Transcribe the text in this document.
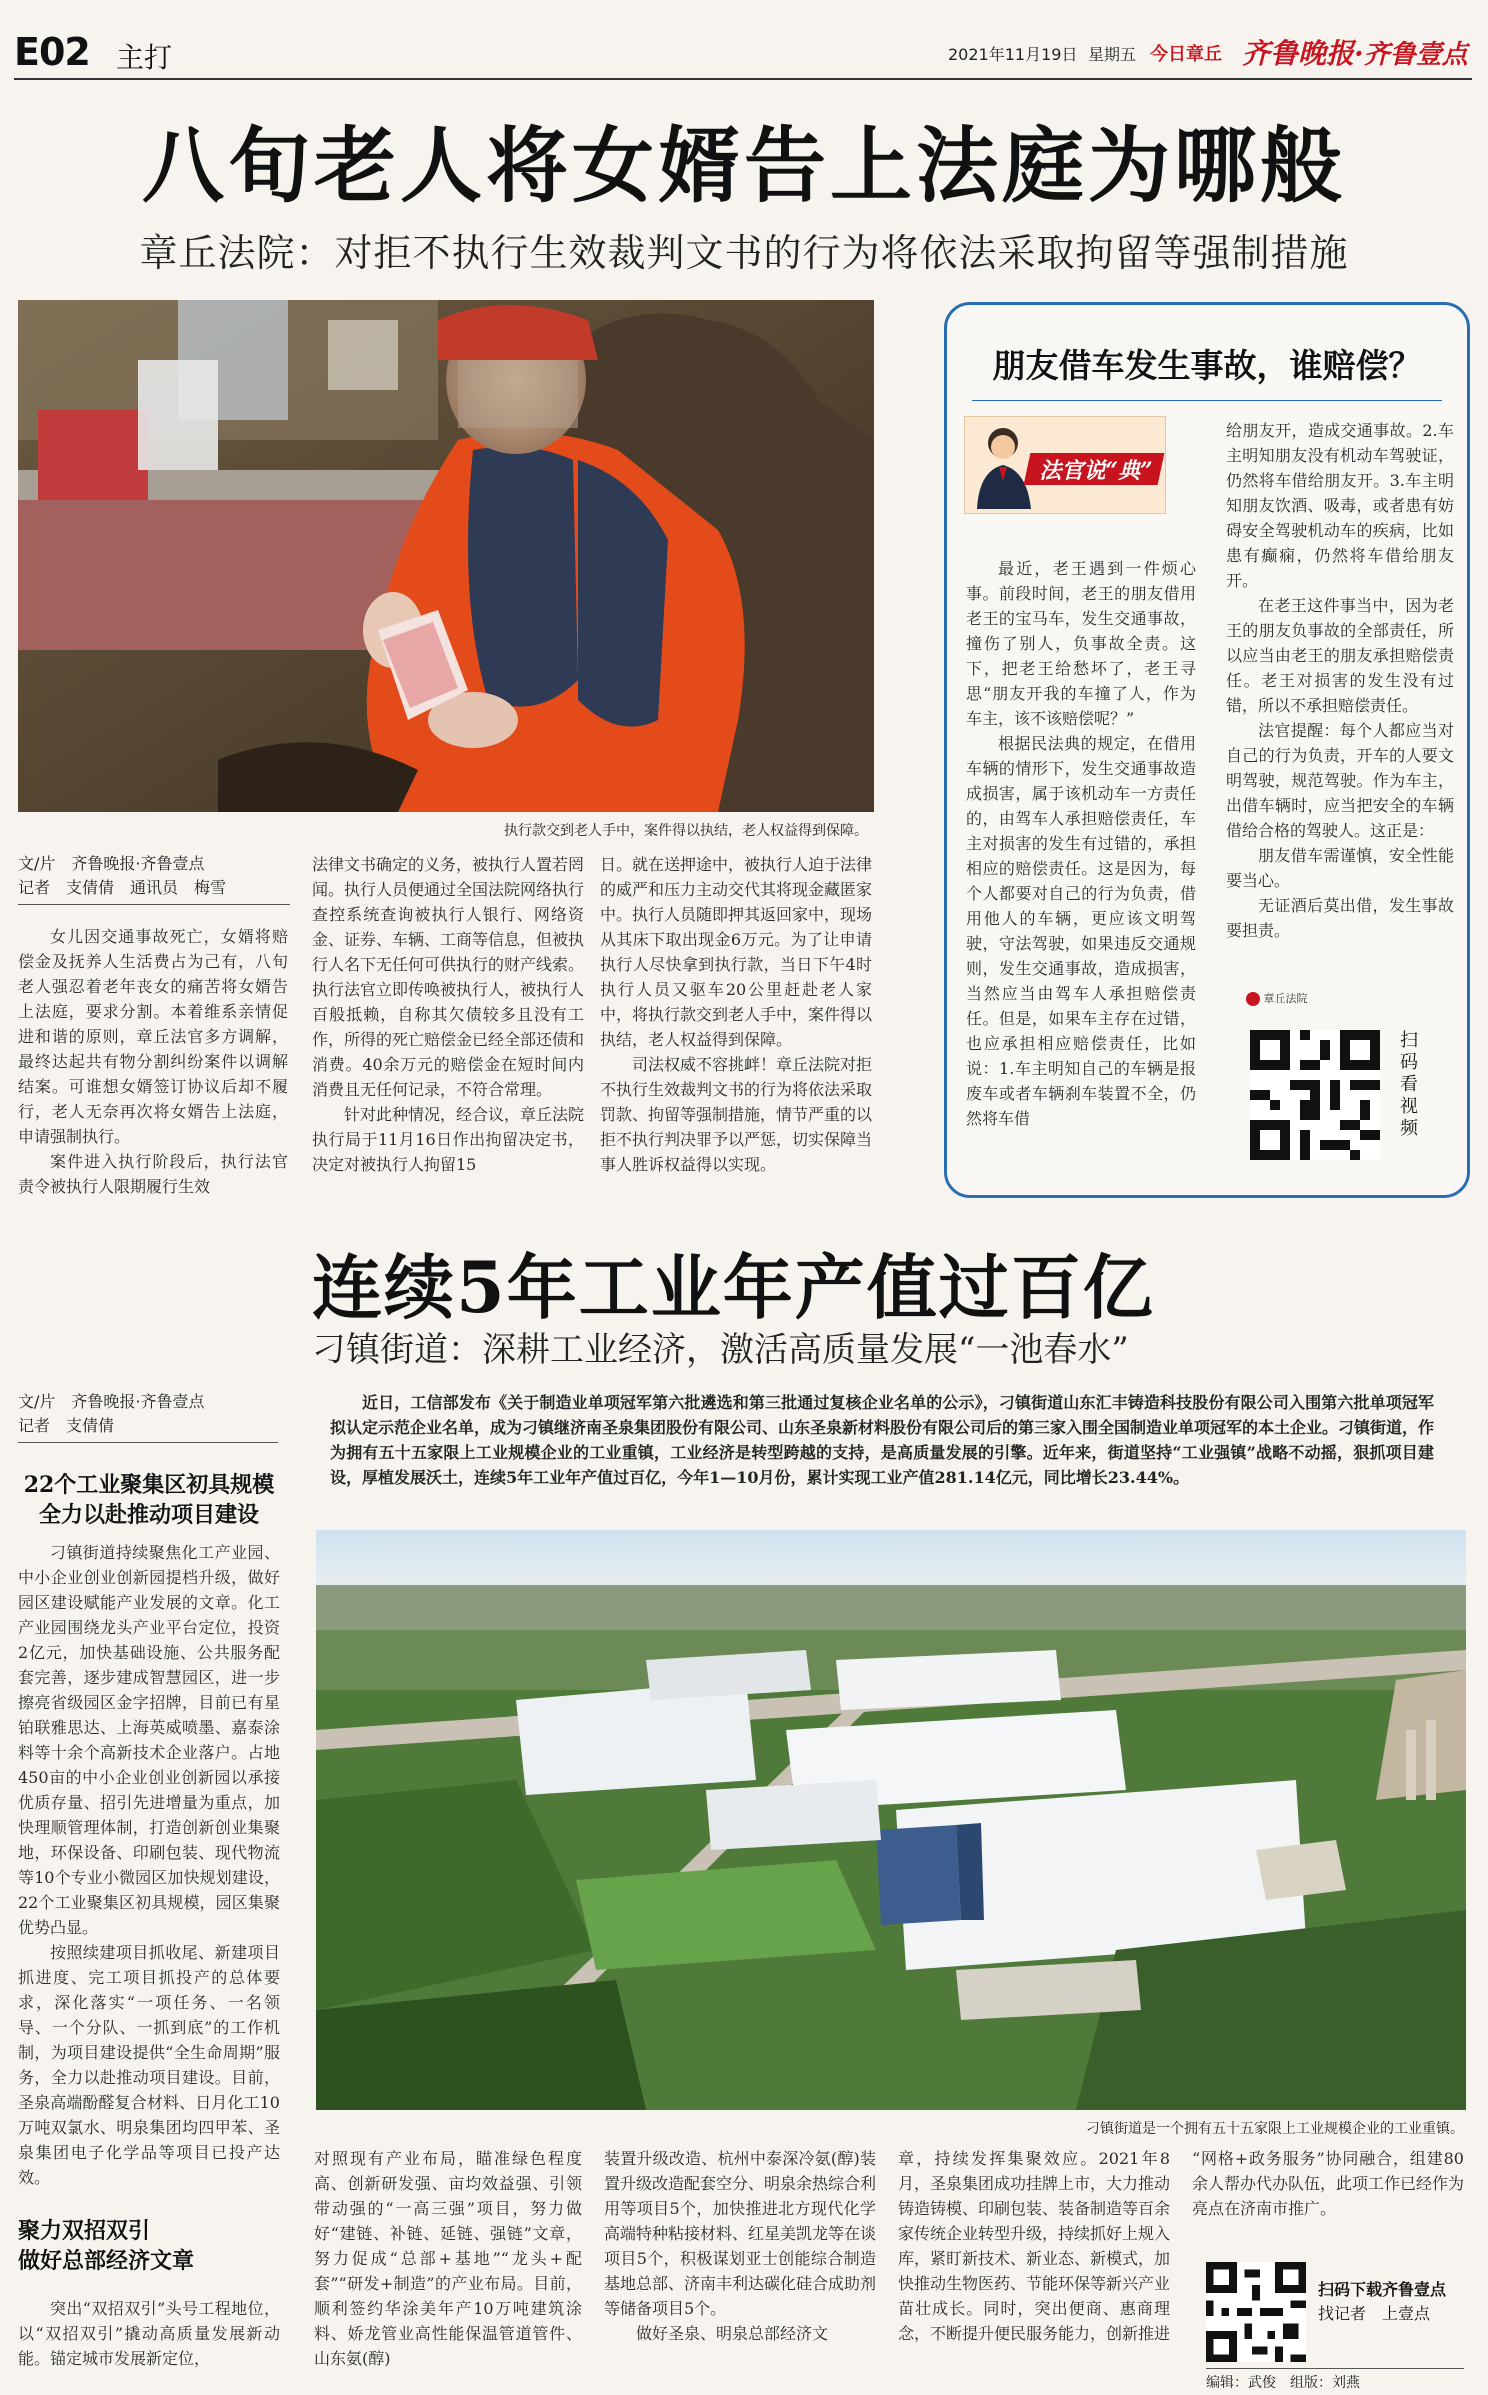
E02 主打	2021年11月19日 星期五 今日章丘 齐鲁晚报·齐鲁壹点
八旬老人将女婿告上法庭为哪般
章丘法院：对拒不执行生效裁判文书的行为将依法采取拘留等强制措施
执行款交到老人手中，案件得以执结，老人权益得到保障。
文/片　齐鲁晚报·齐鲁壹点
记者　支倩倩　通讯员　梅雪

女儿因交通事故死亡，女婿将赔偿金及抚养人生活费占为己有，八旬老人强忍着老年丧女的痛苦将女婿告上法庭，要求分割。本着维系亲情促进和谐的原则，章丘法官多方调解，最终达起共有物分割纠纷案件以调解结案。可谁想女婿签订协议后却不履行，老人无奈再次将女婿告上法庭，申请强制执行。

案件进入执行阶段后，执行法官责令被执行人限期履行生效

法律文书确定的义务，被执行人置若罔闻。执行人员便通过全国法院网络执行查控系统查询被执行人银行、网络资金、证券、车辆、工商等信息，但被执行人名下无任何可供执行的财产线索。执行法官立即传唤被执行人，被执行人百般抵赖，自称其欠债较多且没有工作，所得的死亡赔偿金已经全部还债和消费。40余万元的赔偿金在短时间内消费且无任何记录，不符合常理。

针对此种情况，经合议，章丘法院执行局于11月16日作出拘留决定书，决定对被执行人拘留15

日。就在送押途中，被执行人迫于法律的威严和压力主动交代其将现金藏匿家中。执行人员随即押其返回家中，现场从其床下取出现金6万元。为了让申请执行人尽快拿到执行款，当日下午4时执行人员又驱车20公里赶赴老人家中，将执行款交到老人手中，案件得以执结，老人权益得到保障。

司法权威不容挑衅！章丘法院对拒不执行生效裁判文书的行为将依法采取罚款、拘留等强制措施，情节严重的以拒不执行判决罪予以严惩，切实保障当事人胜诉权益得以实现。

朋友借车发生事故，谁赔偿？
法官说“典”

最近，老王遇到一件烦心事。前段时间，老王的朋友借用老王的宝马车，发生交通事故，撞伤了别人，负事故全责。这下，把老王给愁坏了，老王寻思“朋友开我的车撞了人，作为车主，该不该赔偿呢？”

根据民法典的规定，在借用车辆的情形下，发生交通事故造成损害，属于该机动车一方责任的，由驾车人承担赔偿责任，车主对损害的发生有过错的，承担相应的赔偿责任。这是因为，每个人都要对自己的行为负责，借用他人的车辆，更应该文明驾驶，守法驾驶，如果违反交通规则，发生交通事故，造成损害，当然应当由驾车人承担赔偿责任。但是，如果车主存在过错，也应承担相应赔偿责任，比如说：1.车主明知自己的车辆是报废车或者车辆刹车装置不全，仍然将车借

给朋友开，造成交通事故。2.车主明知朋友没有机动车驾驶证，仍然将车借给朋友开。3.车主明知朋友饮酒、吸毒，或者患有妨碍安全驾驶机动车的疾病，比如患有癫痫，仍然将车借给朋友开。

在老王这件事当中，因为老王的朋友负事故的全部责任，所以应当由老王的朋友承担赔偿责任。老王对损害的发生没有过错，所以不承担赔偿责任。

法官提醒：每个人都应当对自己的行为负责，开车的人要文明驾驶，规范驾驶。作为车主，出借车辆时，应当把安全的车辆借给合格的驾驶人。这正是：

朋友借车需谨慎，安全性能要当心。

无证酒后莫出借，发生事故要担责。

章丘法院
扫码看视频
连续5年工业年产值过百亿
刁镇街道：深耕工业经济，激活高质量发展“一池春水”
文/片　齐鲁晚报·齐鲁壹点
记者　支倩倩
近日，工信部发布《关于制造业单项冠军第六批遴选和第三批通过复核企业名单的公示》，刁镇街道山东汇丰铸造科技股份有限公司入围第六批单项冠军拟认定示范企业名单，成为刁镇继济南圣泉集团股份有限公司、山东圣泉新材料股份有限公司后的第三家入围全国制造业单项冠军的本土企业。刁镇街道，作为拥有五十五家限上工业规模企业的工业重镇，工业经济是转型跨越的支持，是高质量发展的引擎。近年来，街道坚持“工业强镇”战略不动摇，狠抓项目建设，厚植发展沃土，连续5年工业年产值过百亿，今年1—10月份，累计实现工业产值281.14亿元，同比增长23.44%。
22个工业聚集区初具规模
全力以赴推动项目建设

刁镇街道持续聚焦化工产业园、中小企业创业创新园提档升级，做好园区建设赋能产业发展的文章。化工产业园围绕龙头产业平台定位，投资2亿元，加快基础设施、公共服务配套完善，逐步建成智慧园区，进一步擦亮省级园区金字招牌，目前已有星铂联雅思达、上海英威喷墨、嘉泰涂料等十余个高新技术企业落户。占地450亩的中小企业创业创新园以承接优质存量、招引先进增量为重点，加快理顺管理体制，打造创新创业集聚地，环保设备、印刷包装、现代物流等10个专业小微园区加快规划建设，22个工业聚集区初具规模，园区集聚优势凸显。

按照续建项目抓收尾、新建项目抓进度、完工项目抓投产的总体要求，深化落实“一项任务、一名领导、一个分队、一抓到底”的工作机制，为项目建设提供“全生命周期”服务，全力以赴推动项目建设。目前，圣泉高端酚醛复合材料、日月化工10万吨双氯水、明泉集团均四甲苯、圣泉集团电子化学品等项目已投产达效。

聚力双招双引
做好总部经济文章

突出“双招双引”头号工程地位，以“双招双引”撬动高质量发展新动能。锚定城市发展新定位，

刁镇街道是一个拥有五十五家限上工业规模企业的工业重镇。

对照现有产业布局，瞄准绿色程度高、创新研发强、亩均效益强、引领带动强的“一高三强”项目，努力做好“建链、补链、延链、强链”文章，努力促成“总部+基地”“龙头+配套”“研发+制造”的产业布局。目前，顺利签约华涂美年产10万吨建筑涂料、娇龙管业高性能保温管道管件、山东氨(醇)

装置升级改造、杭州中泰深冷氨(醇)装置升级改造配套空分、明泉余热综合利用等项目5个，加快推进北方现代化学高端特种粘接材料、红星美凯龙等在谈项目5个，积极谋划亚士创能综合制造基地总部、济南丰利达碳化硅合成助剂等储备项目5个。

做好圣泉、明泉总部经济文

章，持续发挥集聚效应。2021年8月，圣泉集团成功挂牌上市，大力推动铸造铸模、印刷包装、装备制造等百余家传统企业转型升级，持续抓好上规入库，紧盯新技术、新业态、新模式，加快推动生物医药、节能环保等新兴产业苗壮成长。同时，突出便商、惠商理念，不断提升便民服务能力，创新推进

“网格+政务服务”协同融合，组建80余人帮办代办队伍，此项工作已经作为亮点在济南市推广。

扫码下载齐鲁壹点
找记者　上壹点
编辑：武俊　组版：刘燕
